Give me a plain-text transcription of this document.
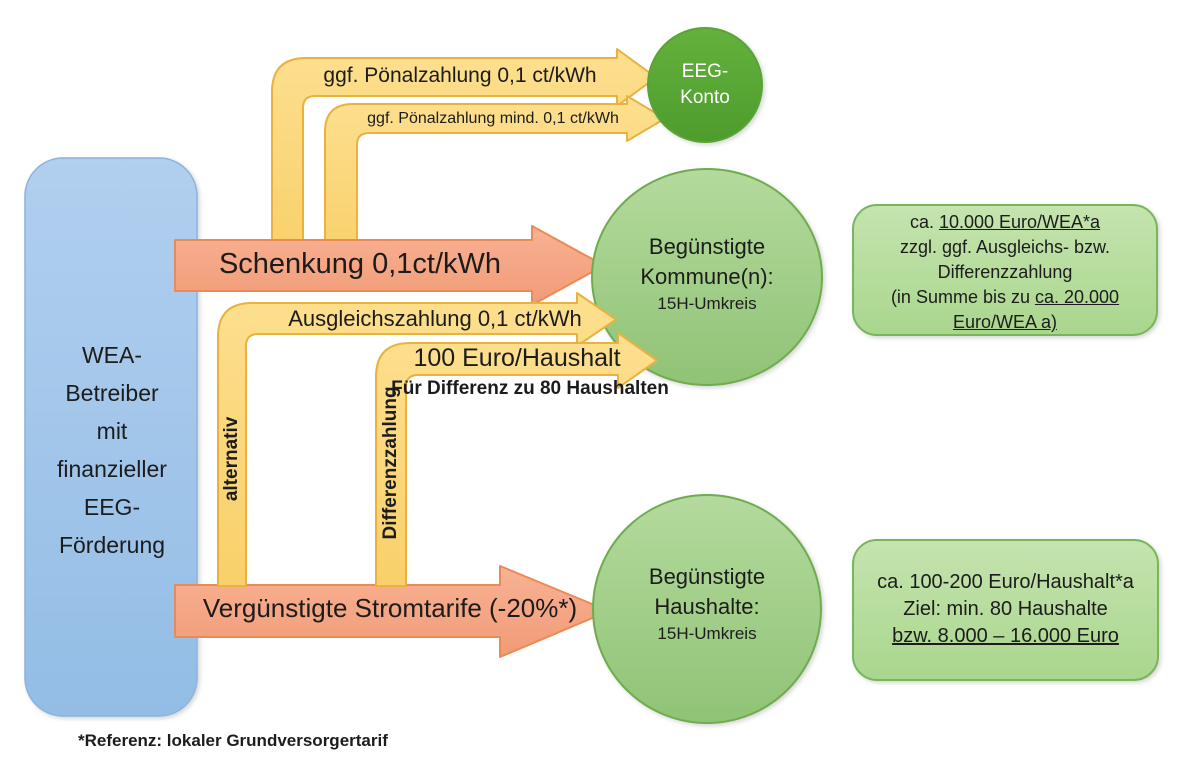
WEA-
Betreiber
mit
finanzieller
EEG-
Förderung
ggf. Pönalzahlung 0,1 ct/kWh
ggf. Pönalzahlung mind. 0,1 ct/kWh
Schenkung 0,1ct/kWh
Ausgleichszahlung 0,1 ct/kWh
100 Euro/Haushalt
Für Differenz zu 80 Haushalten
alternativ	Differenzzahlung
Vergünstigte Stromtarife (-20%*)
EEG-
Konto
Begünstigte
Kommune(n):
15H-Umkreis
Begünstigte
Haushalte:
15H-Umkreis
ca. 10.000 Euro/WEA*a
zzgl. ggf. Ausgleichs- bzw.
Differenzzahlung
(in Summe bis zu ca. 20.000
Euro/WEA a)
ca. 100-200 Euro/Haushalt*a
Ziel: min. 80 Haushalte
bzw. 8.000 – 16.000 Euro
*Referenz: lokaler Grundversorgertarif
